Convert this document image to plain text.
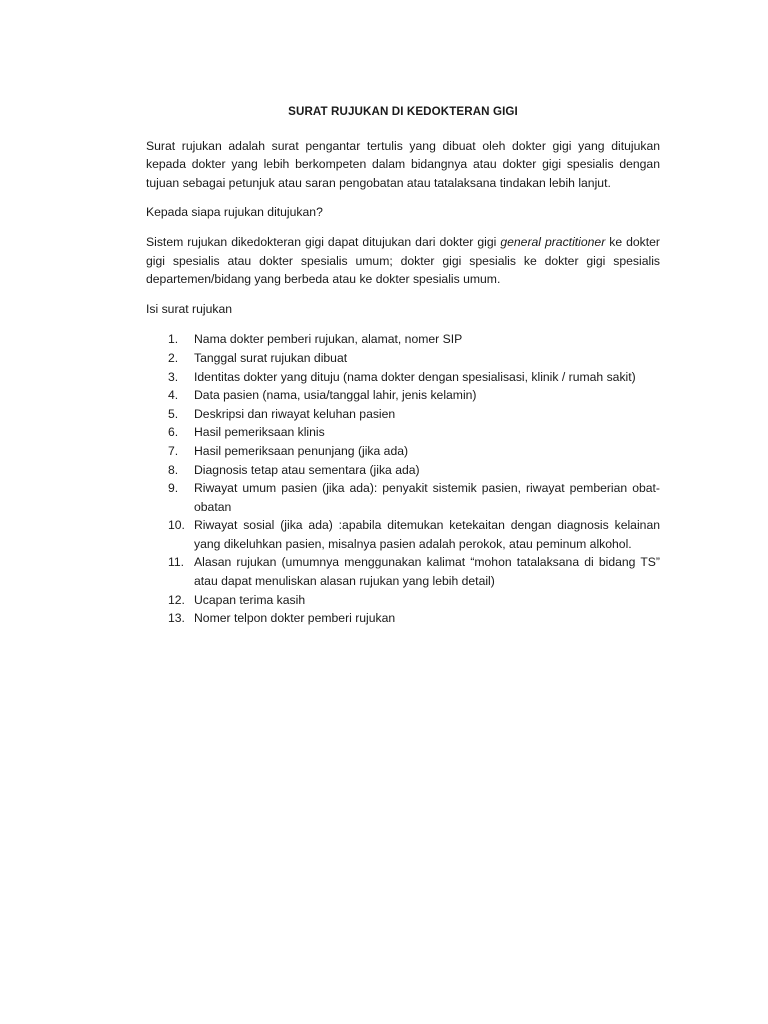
SURAT RUJUKAN DI KEDOKTERAN GIGI

Surat rujukan adalah surat pengantar tertulis yang dibuat oleh dokter gigi yang ditujukan kepada dokter yang lebih berkompeten dalam bidangnya atau dokter gigi spesialis dengan tujuan sebagai petunjuk atau saran pengobatan atau tatalaksana tindakan lebih lanjut.

Kepada siapa rujukan ditujukan?

Sistem rujukan dikedokteran gigi dapat ditujukan dari dokter gigi general practitioner ke dokter gigi spesialis atau dokter spesialis umum; dokter gigi spesialis ke dokter gigi spesialis departemen/bidang yang berbeda atau ke dokter spesialis umum.

Isi surat rujukan

1.	Nama dokter pemberi rujukan, alamat, nomer SIP
2.	Tanggal surat rujukan dibuat
3.	Identitas dokter yang dituju (nama dokter dengan spesialisasi, klinik / rumah sakit)
4.	Data pasien (nama, usia/tanggal lahir, jenis kelamin)
5.	Deskripsi dan riwayat keluhan pasien
6.	Hasil pemeriksaan klinis
7.	Hasil pemeriksaan penunjang (jika ada)
8.	Diagnosis tetap atau sementara (jika ada)
9.	Riwayat umum pasien (jika ada): penyakit sistemik pasien, riwayat pemberian obat-obatan
10. Riwayat sosial (jika ada) :apabila ditemukan ketekaitan dengan diagnosis kelainan yang dikeluhkan pasien, misalnya pasien adalah perokok, atau peminum alkohol.
11. Alasan rujukan (umumnya menggunakan kalimat “mohon tatalaksana di bidang TS” atau dapat menuliskan alasan rujukan yang lebih detail)
12. Ucapan terima kasih
13. Nomer telpon dokter pemberi rujukan
